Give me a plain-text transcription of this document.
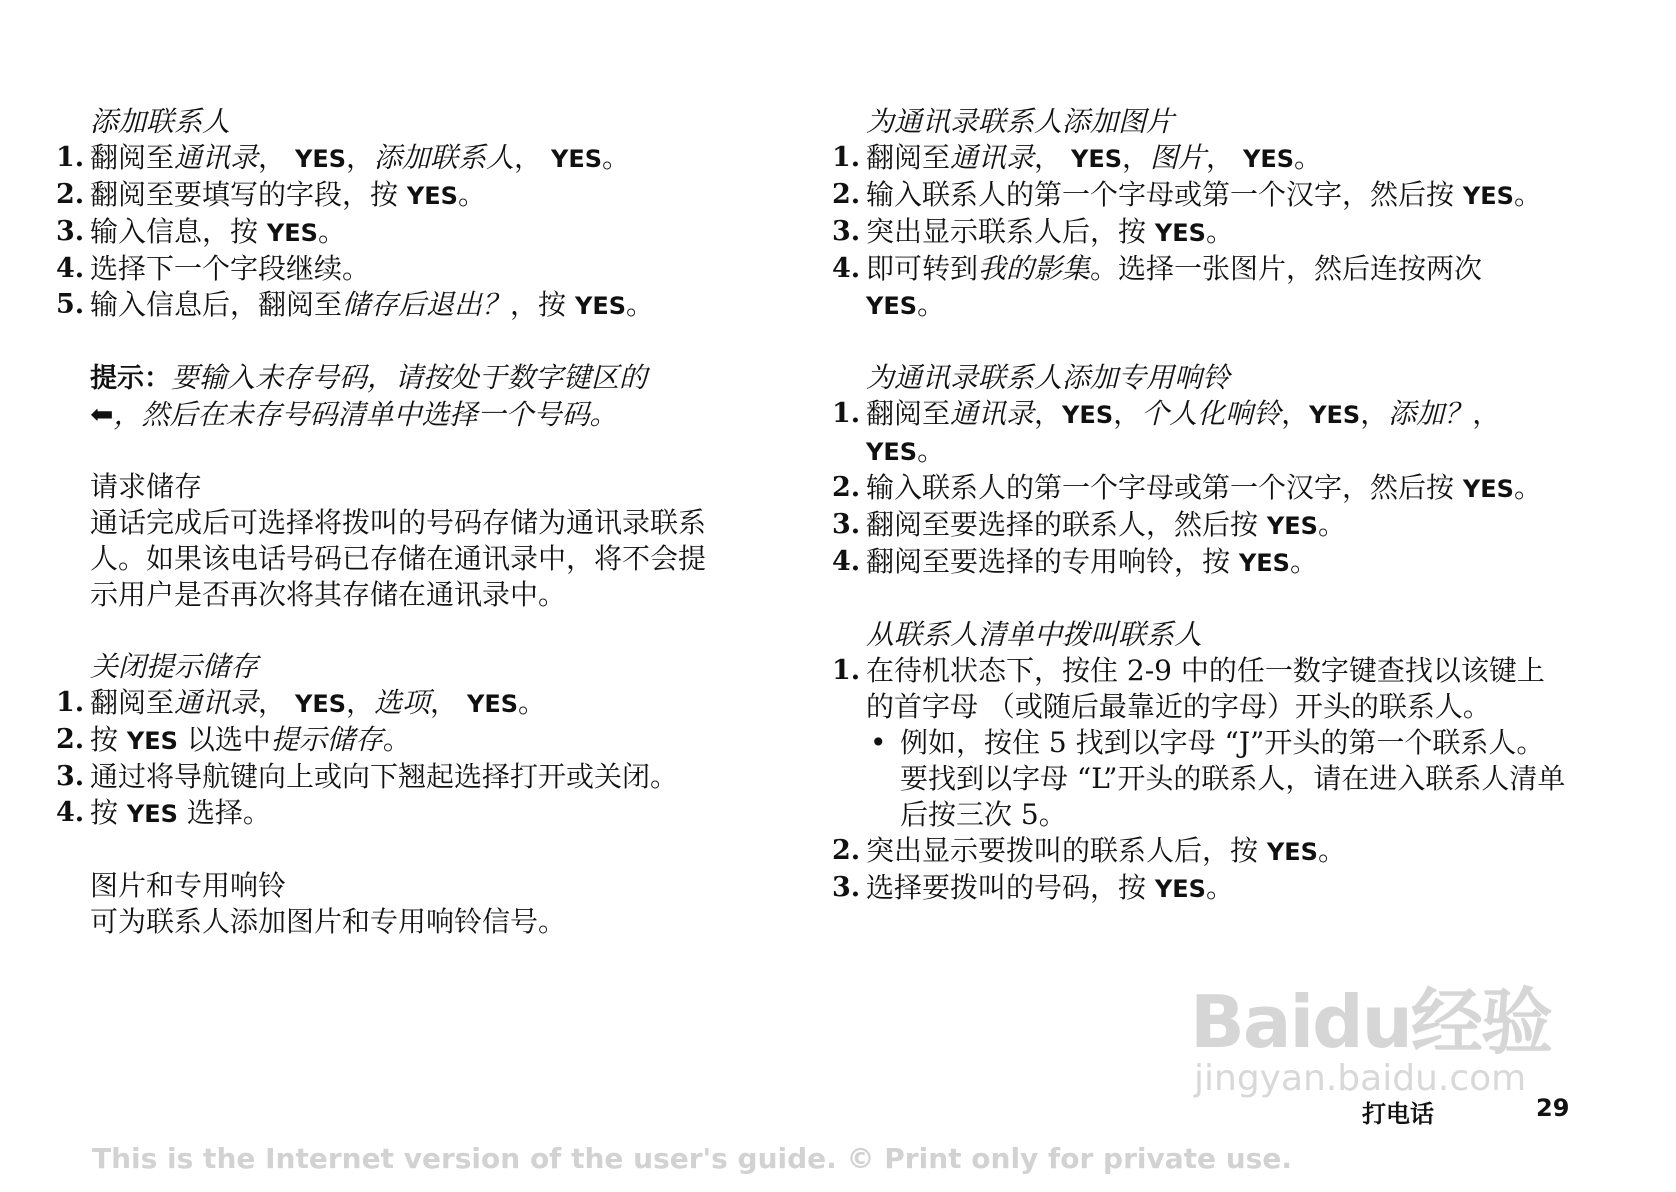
添加联系人
1. 翻阅至通讯录， YES，添加联系人， YES。
2. 翻阅至要填写的字段，按 YES。
3. 输入信息，按 YES。
4. 选择下一个字段继续。
5. 输入信息后，翻阅至储存后退出？，按 YES。
提示：要输入未存号码，请按处于数字键区的
⬅，然后在未存号码清单中选择一个号码。
请求储存
通话完成后可选择将拨叫的号码存储为通讯录联系人。如果该电话号码已存储在通讯录中，将不会提示用户是否再次将其存储在通讯录中。
关闭提示储存
1. 翻阅至通讯录， YES，选项， YES。
2. 按 YES 以选中提示储存。
3. 通过将导航键向上或向下翘起选择打开或关闭。
4. 按 YES 选择。
图片和专用响铃
可为联系人添加图片和专用响铃信号。
为通讯录联系人添加图片
1. 翻阅至通讯录， YES，图片， YES。
2. 输入联系人的第一个字母或第一个汉字，然后按 YES。
3. 突出显示联系人后，按 YES。
4. 即可转到我的影集。选择一张图片，然后连按两次 YES。
为通讯录联系人添加专用响铃
1. 翻阅至通讯录，YES，个人化响铃，YES，添加？，YES。
2. 输入联系人的第一个字母或第一个汉字，然后按 YES。
3. 翻阅至要选择的联系人，然后按 YES。
4. 翻阅至要选择的专用响铃，按 YES。
从联系人清单中拨叫联系人
1. 在待机状态下，按住 2-9 中的任一数字键查找以该键上的首字母 （或随后最靠近的字母）开头的联系人。
• 例如，按住 5 找到以字母 “J”开头的第一个联系人。要找到以字母 “L”开头的联系人，请在进入联系人清单后按三次 5。
2. 突出显示要拨叫的联系人后，按 YES。
3. 选择要拨叫的号码，按 YES。
Baidu经验
jingyan.baidu.com
打电话	29
This is the Internet version of the user's guide. © Print only for private use.
